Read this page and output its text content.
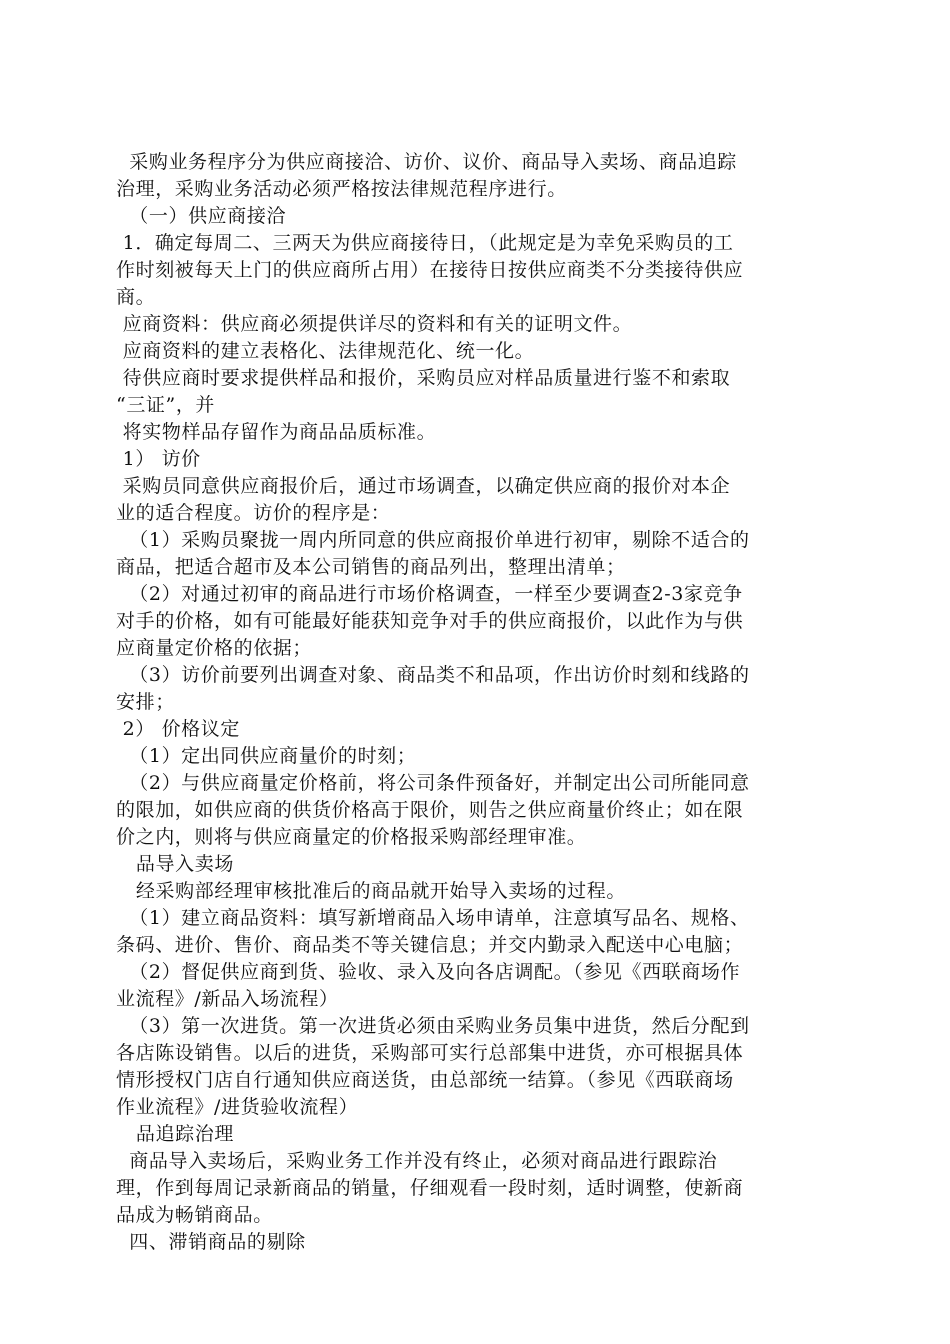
采购业务程序分为供应商接洽、访价、议价、商品导入卖场、商品追踪
治理，采购业务活动必须严格按法律规范程序进行。
（一）供应商接洽
1．确定每周二、三两天为供应商接待日，（此规定是为幸免采购员的工
作时刻被每天上门的供应商所占用）在接待日按供应商类不分类接待供应
商。
应商资料：供应商必须提供详尽的资料和有关的证明文件。
应商资料的建立表格化、法律规范化、统一化。
待供应商时要求提供样品和报价，采购员应对样品质量进行鉴不和索取
“三证”，并
将实物样品存留作为商品品质标准。
1） 访价
采购员同意供应商报价后，通过市场调查，以确定供应商的报价对本企
业的适合程度。访价的程序是：
（1）采购员聚拢一周内所同意的供应商报价单进行初审，剔除不适合的
商品，把适合超市及本公司销售的商品列出，整理出清单；
（2）对通过初审的商品进行市场价格调查，一样至少要调查2-3家竞争
对手的价格，如有可能最好能获知竞争对手的供应商报价，以此作为与供
应商量定价格的依据；
（3）访价前要列出调查对象、商品类不和品项，作出访价时刻和线路的
安排；
2） 价格议定
（1）定出同供应商量价的时刻；
（2）与供应商量定价格前，将公司条件预备好，并制定出公司所能同意
的限加，如供应商的供货价格高于限价，则告之供应商量价终止；如在限
价之内，则将与供应商量定的价格报采购部经理审准。
品导入卖场
经采购部经理审核批准后的商品就开始导入卖场的过程。
（1）建立商品资料：填写新增商品入场申请单，注意填写品名、规格、
条码、进价、售价、商品类不等关键信息；并交内勤录入配送中心电脑；
（2）督促供应商到货、验收、录入及向各店调配。（参见《西联商场作
业流程》/新品入场流程）
（3）第一次进货。第一次进货必须由采购业务员集中进货，然后分配到
各店陈设销售。以后的进货，采购部可实行总部集中进货，亦可根据具体
情形授权门店自行通知供应商送货，由总部统一结算。（参见《西联商场
作业流程》/进货验收流程）
品追踪治理
商品导入卖场后，采购业务工作并没有终止，必须对商品进行跟踪治
理，作到每周记录新商品的销量，仔细观看一段时刻，适时调整，使新商
品成为畅销商品。
四、滞销商品的剔除
